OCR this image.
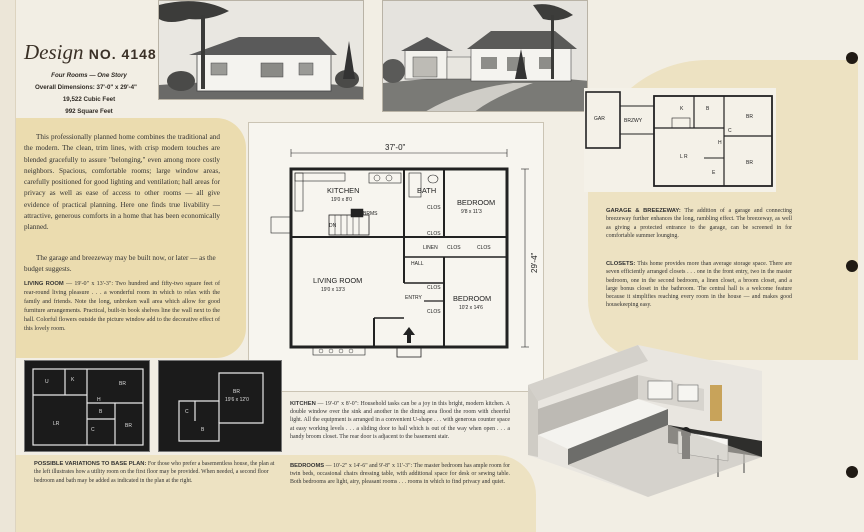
Design NO. 4148
Four Rooms — One Story
Overall Dimensions: 37'-0" x 29'-4"
19,522 Cubic Feet
992 Square Feet
This professionally planned home combines the traditional and the modern. The clean, trim lines, with crisp modern touches are blended gracefully to assure "belonging," even among more costly neighbors. Spacious, comfortable rooms; large window areas, carefully positioned for good lighting and ventilation; hall areas for privacy as well as ease of access to other rooms — all give evidence of practical planning. Here one finds true livability — attractive, generous comforts in a home that has been economically planned.
The garage and breezeway may be built now, or later — as the budget suggests.
LIVING ROOM — 19'-0" x 13'-3": Two hundred and fifty-two square feet of rear-round living pleasure . . . a wonderful room in which to relax with the family and friends. Note the long, unbroken wall area which allow for good furniture arrangements. Practical, built-in book shelves line the wall next to the hall. Colorful flowers outside the picture window add to the decorative effect of this lovely room.
37'-0"
29'-4"
KITCHEN
19'0 x 8'0
BATH
BEDROOM
9'8 x 11'3
LIVING ROOM
19'0 x 13'3
BEDROOM
10'2 x 14'6
BRMS
DN
CLOS
CLOS
LINEN CLOS	CLOS
HALL
ENTRY
CLOS
CLOS
GAR	BRZWY
L R
K
BR
BR
B
C
H
E
GARAGE & BREEZEWAY: The addition of a garage and connecting breezeway further enhances the long, rambling effect. The breezeway, as well as giving a protected entrance to the garage, can be screened in for comfortable summer lounging.
CLOSETS: This home provides more than average storage space. There are seven efficiently arranged closets . . . one in the front entry, two in the master bedroom, one in the second bedroom, a linen closet, a broom closet, and a large bonus closet in the bathroom. The central hall is a welcome feature because it simplifies reaching every room in the house — and makes good housekeeping easy.
K
BR
LR
B
C
U
H
BR
BR
19'6 x 12'0
C
B
POSSIBLE VARIATIONS TO BASE PLAN: For those who prefer a basementless house, the plan at the left illustrates how a utility room on the first floor may be provided. When needed, a second floor bedroom and bath may be added as indicated in the plan at the right.
KITCHEN — 19'-0" x 8'-0": Household tasks can be a joy in this bright, modern kitchen. A double window over the sink and another in the dining area flood the room with cheerful light. All the equipment is arranged in a convenient U-shape . . . with generous counter space at easy working levels . . . a sliding door to hall which is out of the way when open . . . a handy broom closet. The rear door is adjacent to the basement stair.
BEDROOMS — 10'-2" x 14'-6" and 9'-8" x 11'-3": The master bedroom has ample room for twin beds, occasional chairs dressing table, with additional space for desk or sewing table. Both bedrooms are light, airy, pleasant rooms . . . rooms in which to find privacy and quiet.
